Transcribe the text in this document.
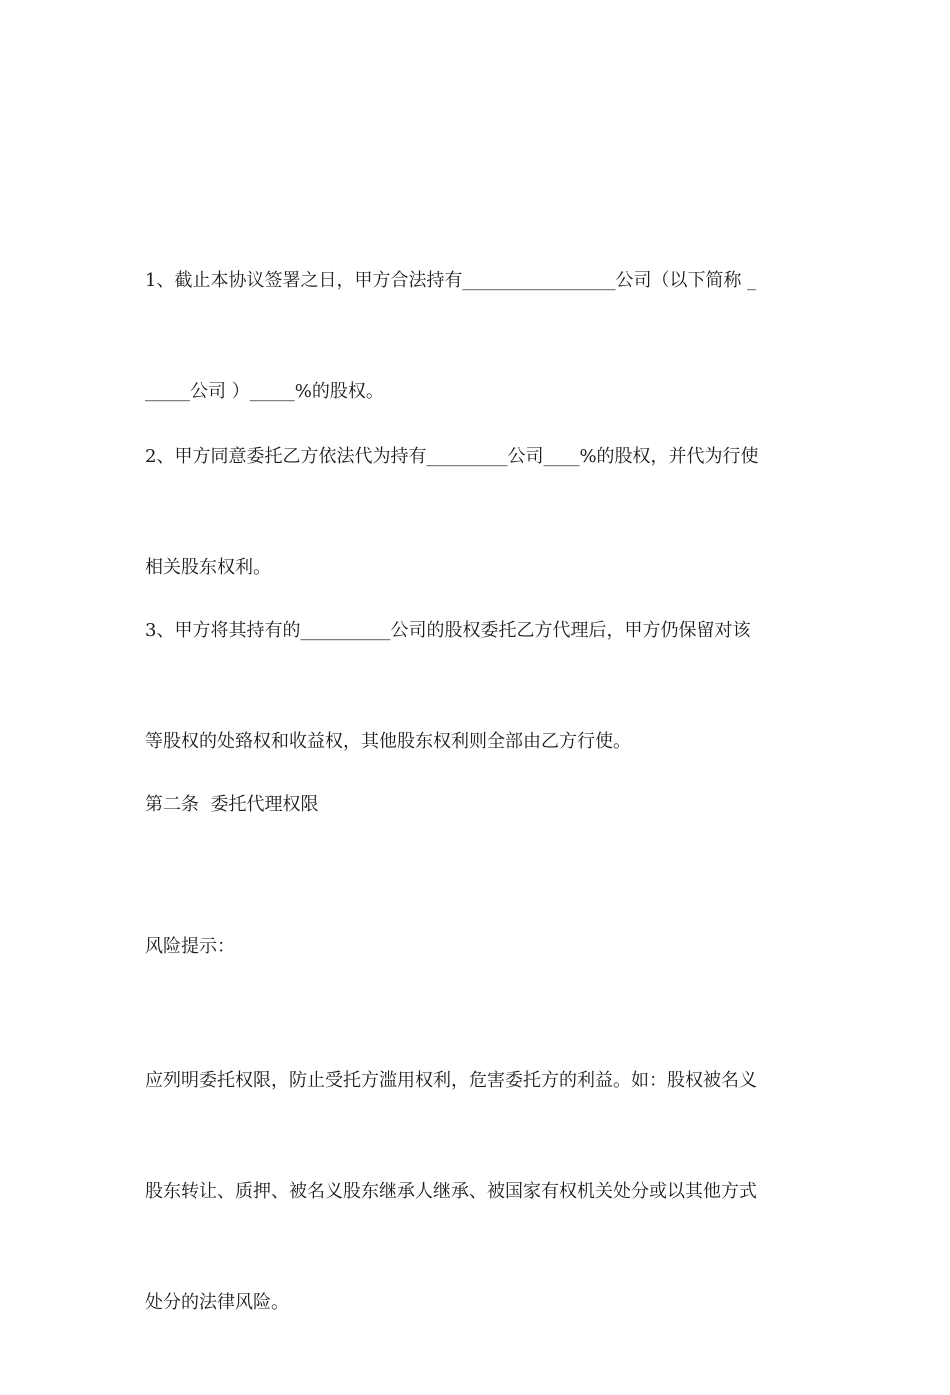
1、截止本协议签署之日，甲方合法持有_________________公司（以下简称 _

_____公司 ）_____%的股权。

2、甲方同意委托乙方依法代为持有_________公司____%的股权，并代为行使

相关股东权利。

3、甲方将其持有的__________公司的股权委托乙方代理后，甲方仍保留对该

等股权的处臵权和收益权，其他股东权利则全部由乙方行使。

第二条  委托代理权限

风险提示：

应列明委托权限，防止受托方滥用权利，危害委托方的利益。如：股权被名义

股东转让、质押、被名义股东继承人继承、被国家有权机关处分或以其他方式

处分的法律风险。
